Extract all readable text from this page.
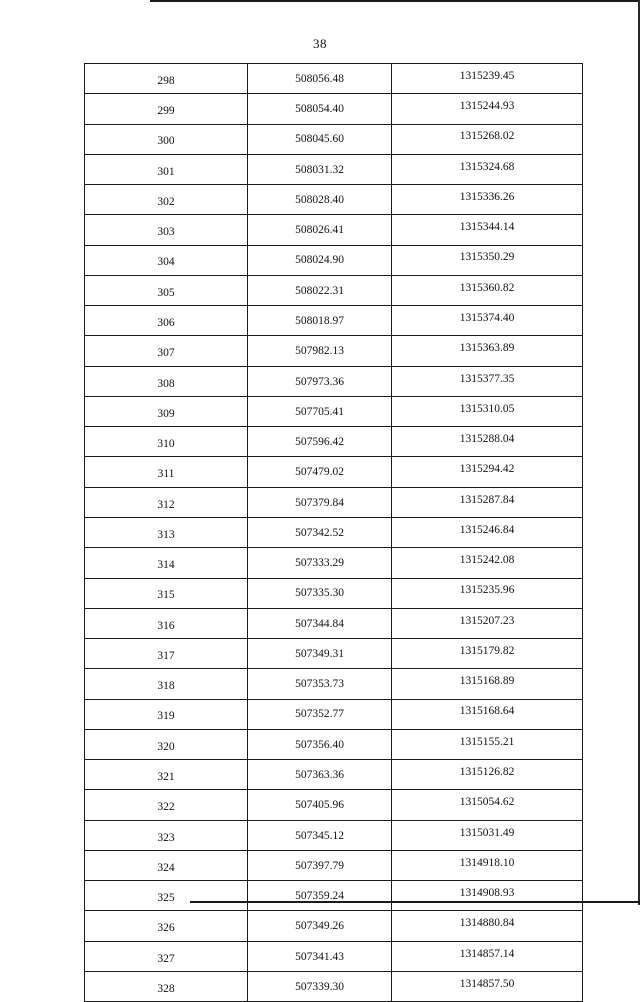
38
298	508056.48	1315239.45
299	508054.40	1315244.93
300	508045.60	1315268.02
301	508031.32	1315324.68
302	508028.40	1315336.26
303	508026.41	1315344.14
304	508024.90	1315350.29
305	508022.31	1315360.82
306	508018.97	1315374.40
307	507982.13	1315363.89
308	507973.36	1315377.35
309	507705.41	1315310.05
310	507596.42	1315288.04
311	507479.02	1315294.42
312	507379.84	1315287.84
313	507342.52	1315246.84
314	507333.29	1315242.08
315	507335.30	1315235.96
316	507344.84	1315207.23
317	507349.31	1315179.82
318	507353.73	1315168.89
319	507352.77	1315168.64
320	507356.40	1315155.21
321	507363.36	1315126.82
322	507405.96	1315054.62
323	507345.12	1315031.49
324	507397.79	1314918.10
325	507359.24	1314908.93
326	507349.26	1314880.84
327	507341.43	1314857.14
328	507339.30	1314857.50
